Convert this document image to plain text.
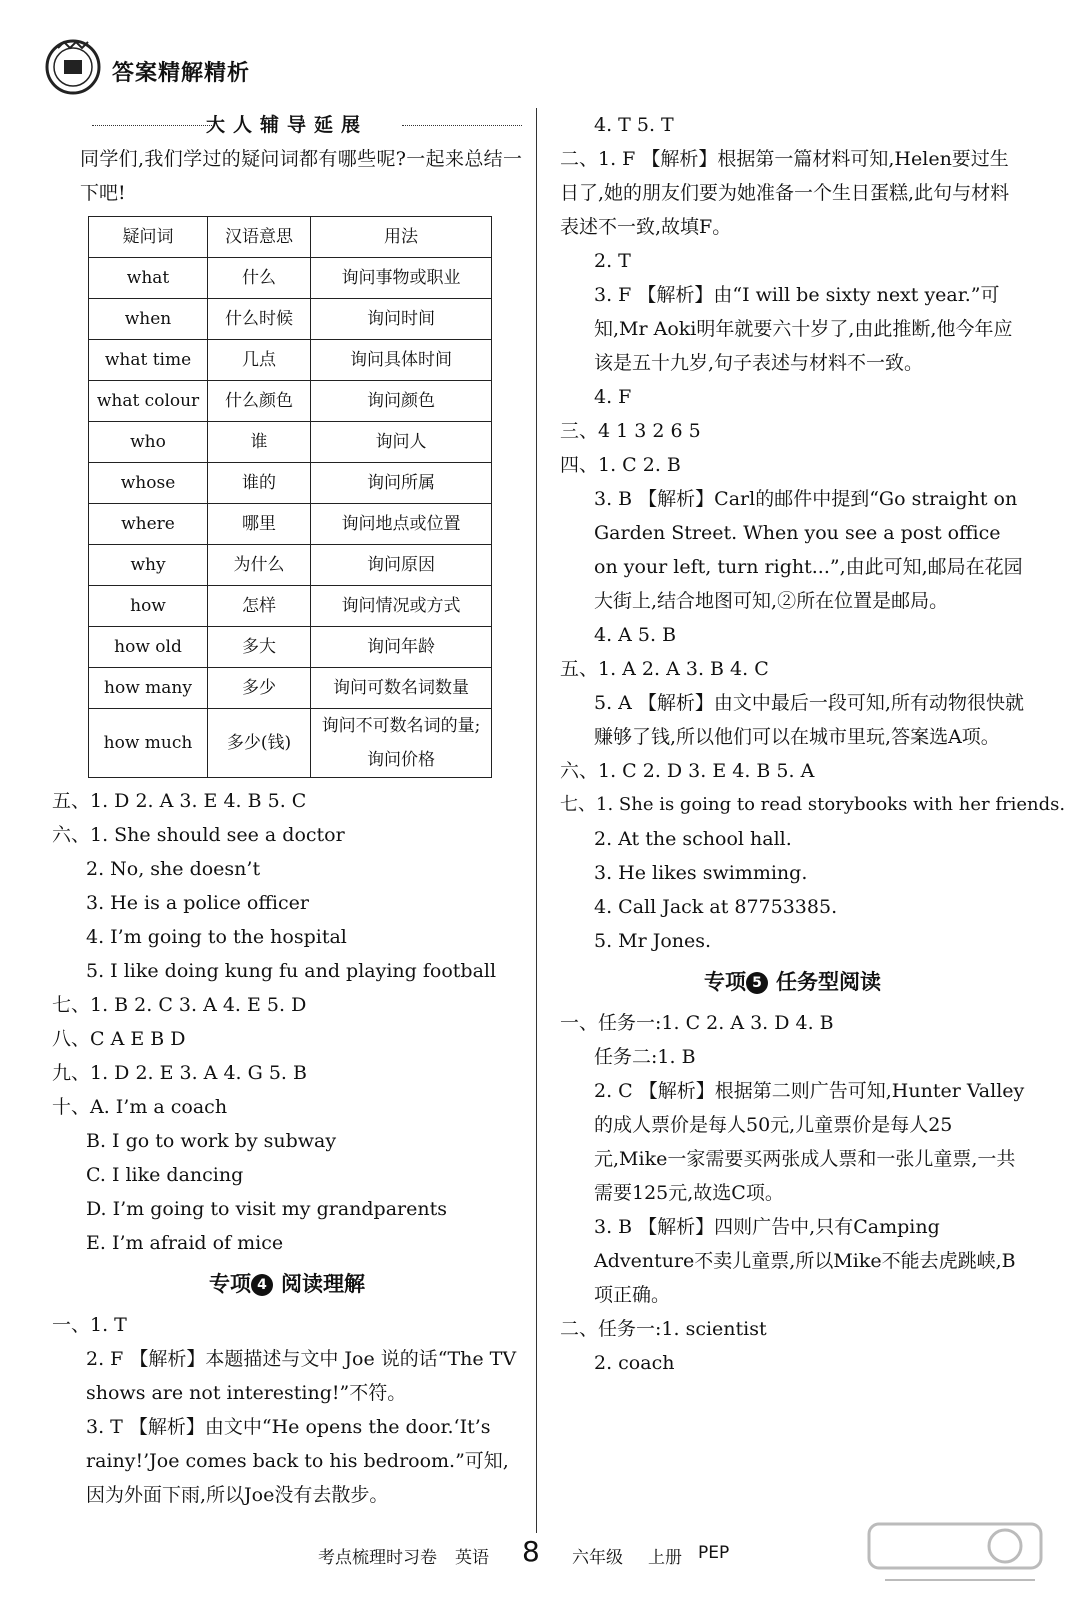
答案精解精析
大人辅导延展
同学们,我们学过的疑问词都有哪些呢?一起来总结一下吧!
疑问词	汉语意思	用法
what	什么	询问事物或职业
when	什么时候	询问时间
what time	几点	询问具体时间
what colour	什么颜色	询问颜色
who	谁	询问人
whose	谁的	询问所属
where	哪里	询问地点或位置
why	为什么	询问原因
how	怎样	询问情况或方式
how old	多大	询问年龄
how many	多少	询问可数名词数量
how much	多少(钱)	询问不可数名词的量;询问价格
五、1. D 2. A 3. E 4. B 5. C
六、1. She should see a doctor
2. No, she doesn’t
3. He is a police officer
4. I’m going to the hospital
5. I like doing kung fu and playing football
七、1. B 2. C 3. A 4. E 5. D
八、C A E B D
九、1. D 2. E 3. A 4. G 5. B
十、A. I’m a coach
B. I go to work by subway
C. I like dancing
D. I’m going to visit my grandparents
E. I’m afraid of mice
专项 4 阅读理解
一、1. T
2. F 【解析】本题描述与文中 Joe 说的话“The TV shows are not interesting!”不符。
3. T 【解析】由文中“He opens the door.‘It’s rainy!’Joe comes back to his bedroom.”可知,因为外面下雨,所以Joe没有去散步。
4. T 5. T
二、1. F 【解析】根据第一篇材料可知,Helen要过生日了,她的朋友们要为她准备一个生日蛋糕,此句与材料表述不一致,故填F。
2. T
3. F 【解析】由“I will be sixty next year.”可知,Mr Aoki明年就要六十岁了,由此推断,他今年应该是五十九岁,句子表述与材料不一致。
4. F
三、4 1 3 2 6 5
四、1. C 2. B
3. B 【解析】Carl的邮件中提到“Go straight on Garden Street. When you see a post office on your left, turn right...”,由此可知,邮局在花园大街上,结合地图可知,②所在位置是邮局。
4. A 5. B
五、1. A 2. A 3. B 4. C
5. A 【解析】由文中最后一段可知,所有动物很快就赚够了钱,所以他们可以在城市里玩,答案选A项。
六、1. C 2. D 3. E 4. B 5. A
七、1. She is going to read storybooks with her friends.
2. At the school hall.
3. He likes swimming.
4. Call Jack at 87753385.
5. Mr Jones.
专项 5 任务型阅读
一、任务一:1. C 2. A 3. D 4. B
任务二:1. B
2. C 【解析】根据第二则广告可知,Hunter Valley的成人票价是每人50元,儿童票价是每人25元,Mike一家需要买两张成人票和一张儿童票,一共需要125元,故选C项。
3. B 【解析】四则广告中,只有Camping Adventure不卖儿童票,所以Mike不能去虎跳峡,B项正确。
二、任务一:1. scientist
2. coach
考点梳理时习卷 英语 8 六年级 上册 PEP
